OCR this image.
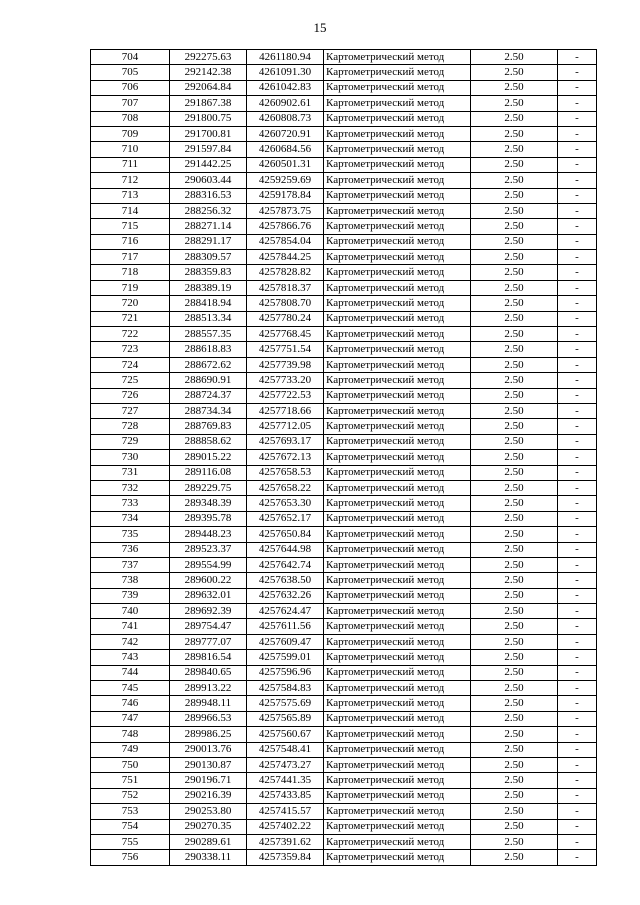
15
704	292275.63	4261180.94	Картометрический метод	2.50	-
705	292142.38	4261091.30	Картометрический метод	2.50	-
706	292064.84	4261042.83	Картометрический метод	2.50	-
707	291867.38	4260902.61	Картометрический метод	2.50	-
708	291800.75	4260808.73	Картометрический метод	2.50	-
709	291700.81	4260720.91	Картометрический метод	2.50	-
710	291597.84	4260684.56	Картометрический метод	2.50	-
711	291442.25	4260501.31	Картометрический метод	2.50	-
712	290603.44	4259259.69	Картометрический метод	2.50	-
713	288316.53	4259178.84	Картометрический метод	2.50	-
714	288256.32	4257873.75	Картометрический метод	2.50	-
715	288271.14	4257866.76	Картометрический метод	2.50	-
716	288291.17	4257854.04	Картометрический метод	2.50	-
717	288309.57	4257844.25	Картометрический метод	2.50	-
718	288359.83	4257828.82	Картометрический метод	2.50	-
719	288389.19	4257818.37	Картометрический метод	2.50	-
720	288418.94	4257808.70	Картометрический метод	2.50	-
721	288513.34	4257780.24	Картометрический метод	2.50	-
722	288557.35	4257768.45	Картометрический метод	2.50	-
723	288618.83	4257751.54	Картометрический метод	2.50	-
724	288672.62	4257739.98	Картометрический метод	2.50	-
725	288690.91	4257733.20	Картометрический метод	2.50	-
726	288724.37	4257722.53	Картометрический метод	2.50	-
727	288734.34	4257718.66	Картометрический метод	2.50	-
728	288769.83	4257712.05	Картометрический метод	2.50	-
729	288858.62	4257693.17	Картометрический метод	2.50	-
730	289015.22	4257672.13	Картометрический метод	2.50	-
731	289116.08	4257658.53	Картометрический метод	2.50	-
732	289229.75	4257658.22	Картометрический метод	2.50	-
733	289348.39	4257653.30	Картометрический метод	2.50	-
734	289395.78	4257652.17	Картометрический метод	2.50	-
735	289448.23	4257650.84	Картометрический метод	2.50	-
736	289523.37	4257644.98	Картометрический метод	2.50	-
737	289554.99	4257642.74	Картометрический метод	2.50	-
738	289600.22	4257638.50	Картометрический метод	2.50	-
739	289632.01	4257632.26	Картометрический метод	2.50	-
740	289692.39	4257624.47	Картометрический метод	2.50	-
741	289754.47	4257611.56	Картометрический метод	2.50	-
742	289777.07	4257609.47	Картометрический метод	2.50	-
743	289816.54	4257599.01	Картометрический метод	2.50	-
744	289840.65	4257596.96	Картометрический метод	2.50	-
745	289913.22	4257584.83	Картометрический метод	2.50	-
746	289948.11	4257575.69	Картометрический метод	2.50	-
747	289966.53	4257565.89	Картометрический метод	2.50	-
748	289986.25	4257560.67	Картометрический метод	2.50	-
749	290013.76	4257548.41	Картометрический метод	2.50	-
750	290130.87	4257473.27	Картометрический метод	2.50	-
751	290196.71	4257441.35	Картометрический метод	2.50	-
752	290216.39	4257433.85	Картометрический метод	2.50	-
753	290253.80	4257415.57	Картометрический метод	2.50	-
754	290270.35	4257402.22	Картометрический метод	2.50	-
755	290289.61	4257391.62	Картометрический метод	2.50	-
756	290338.11	4257359.84	Картометрический метод	2.50	-
